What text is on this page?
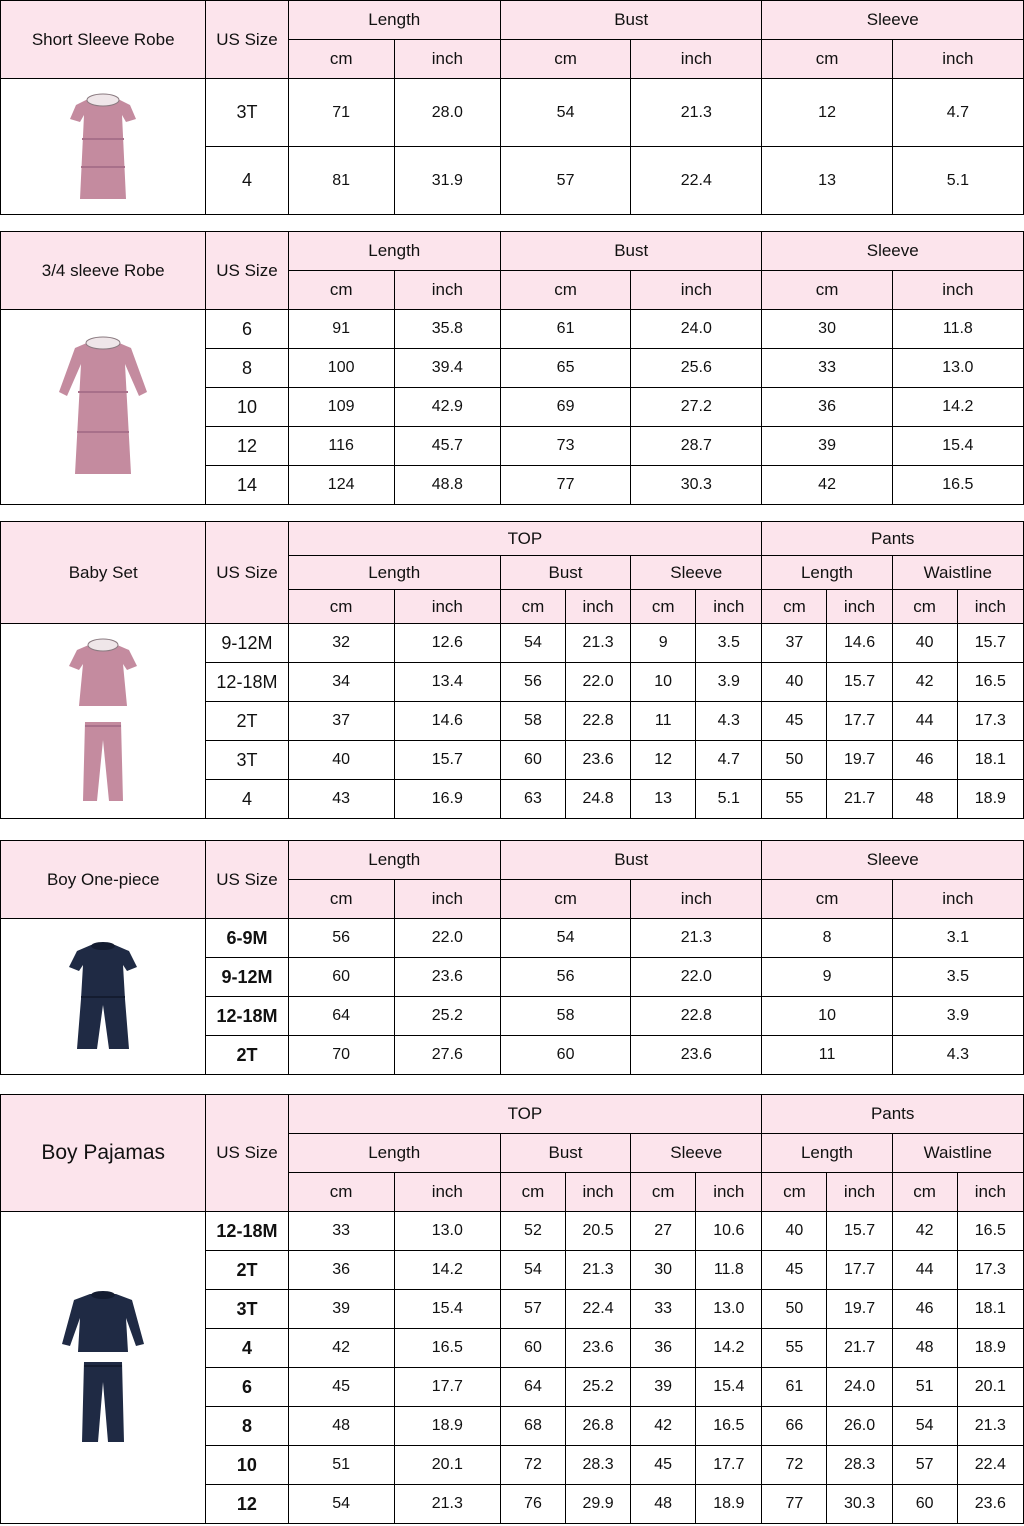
Short Sleeve Robe	US Size	Length		Bust		Sleeve	
		cm	inch	cm	inch	cm	inch

	3T	71	28.0	54	21.3	12	4.7
	4	81	31.9	57	22.4	13	5.1
3/4 sleeve Robe	US Size	Length		Bust		Sleeve	
		cm	inch	cm	inch	cm	inch

	6	91	35.8	61	24.0	30	11.8
	8	100	39.4	65	25.6	33	13.0
	10	109	42.9	69	27.2	36	14.2
	12	116	45.7	73	28.7	39	15.4
	14	124	48.8	77	30.3	42	16.5
Baby Set	US Size	TOP						Pants			
		Length		Bust		Sleeve		Length		Waistline	
		cm	inch	cm	inch	cm	inch	cm	inch	cm	inch

	9-12M	32	12.6	54	21.3	9	3.5	37	14.6	40	15.7
	12-18M	34	13.4	56	22.0	10	3.9	40	15.7	42	16.5
	2T	37	14.6	58	22.8	11	4.3	45	17.7	44	17.3
	3T	40	15.7	60	23.6	12	4.7	50	19.7	46	18.1
	4	43	16.9	63	24.8	13	5.1	55	21.7	48	18.9
Boy One-piece	US Size	Length		Bust		Sleeve	
		cm	inch	cm	inch	cm	inch

	6-9M	56	22.0	54	21.3	8	3.1
	9-12M	60	23.6	56	22.0	9	3.5
	12-18M	64	25.2	58	22.8	10	3.9
	2T	70	27.6	60	23.6	11	4.3
Boy Pajamas	US Size	TOP						Pants			
		Length		Bust		Sleeve		Length		Waistline	
		cm	inch	cm	inch	cm	inch	cm	inch	cm	inch

	12-18M	33	13.0	52	20.5	27	10.6	40	15.7	42	16.5
	2T	36	14.2	54	21.3	30	11.8	45	17.7	44	17.3
	3T	39	15.4	57	22.4	33	13.0	50	19.7	46	18.1
	4	42	16.5	60	23.6	36	14.2	55	21.7	48	18.9
	6	45	17.7	64	25.2	39	15.4	61	24.0	51	20.1
	8	48	18.9	68	26.8	42	16.5	66	26.0	54	21.3
	10	51	20.1	72	28.3	45	17.7	72	28.3	57	22.4
	12	54	21.3	76	29.9	48	18.9	77	30.3	60	23.6
